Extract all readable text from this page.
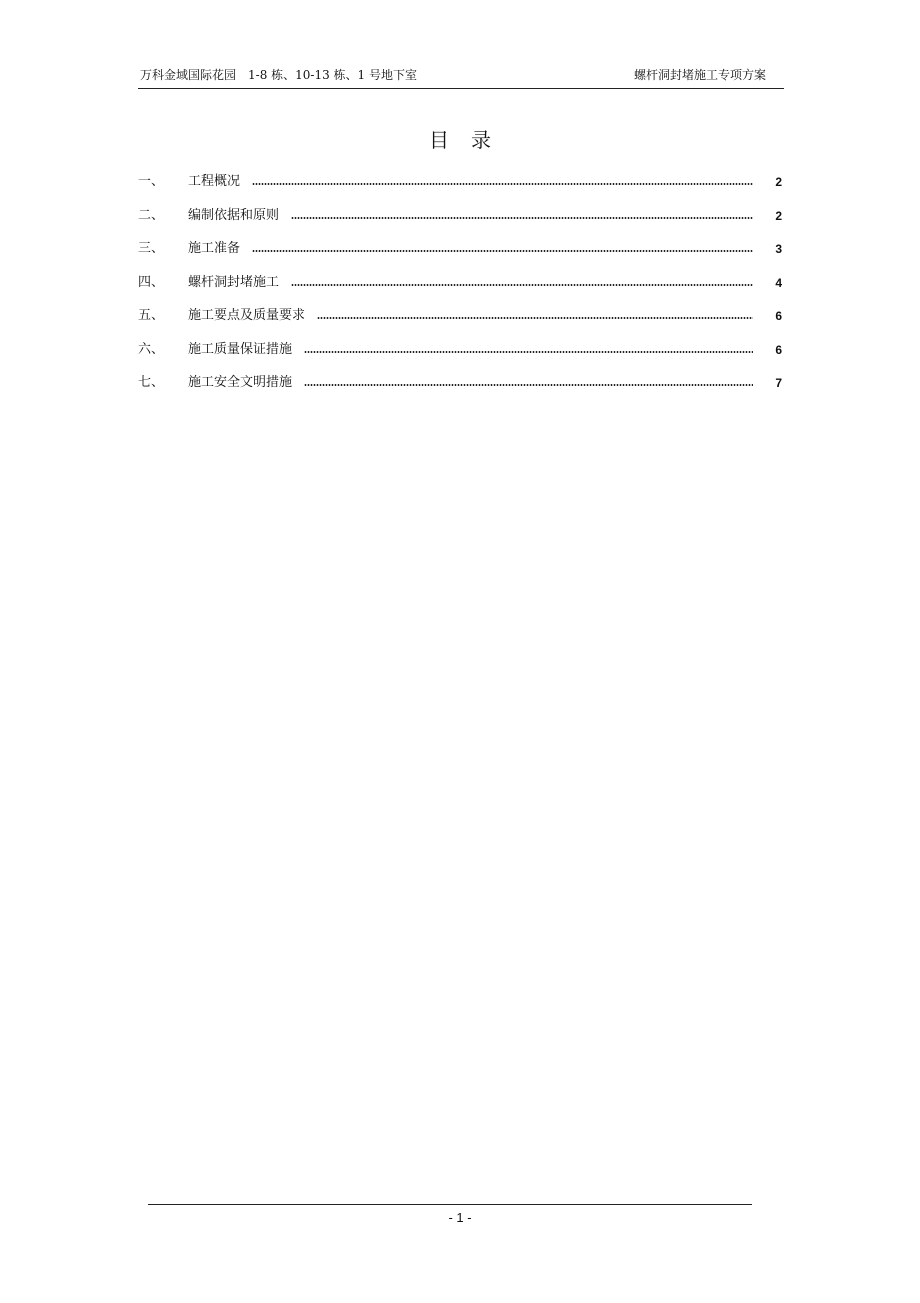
万科金域国际花园　1-8 栋、10-13 栋、1 号地下室	螺杆洞封堵施工专项方案
目录
一、 工程概况	2
二、 编制依据和原则	2
三、 施工准备	3
四、 螺杆洞封堵施工	4
五、 施工要点及质量要求	6
六、 施工质量保证措施	6
七、 施工安全文明措施	7
- 1 -
